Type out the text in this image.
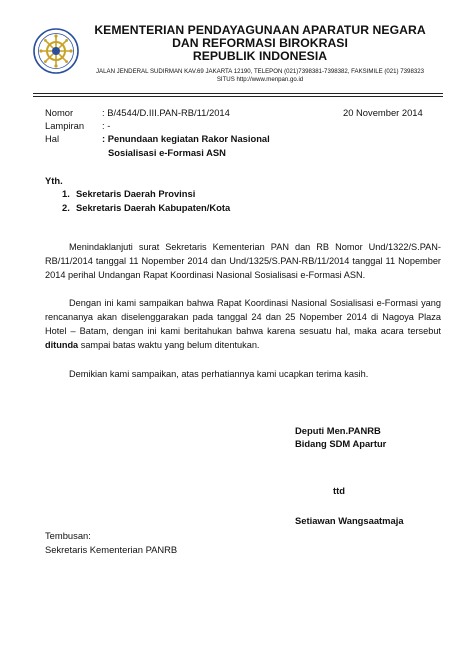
KEMENTERIAN PENDAYAGUNAAN APARATUR NEGARA
DAN REFORMASI BIROKRASI
REPUBLIK INDONESIA
JALAN JENDERAL SUDIRMAN KAV.69 JAKARTA 12190, TELEPON (021)7398381-7398382, FAKSIMILE (021) 7398323
SITUS http://www.menpan.go.id
Nomor	: B/4544/D.III.PAN-RB/11/2014	20 November 2014
Lampiran : -
Hal	: Penundaan kegiatan Rakor Nasional
Sosialisasi e-Formasi ASN
Yth.
1. Sekretaris Daerah Provinsi
2. Sekretaris Daerah Kabupaten/Kota
Menindaklanjuti surat Sekretaris Kementerian PAN dan RB Nomor Und/1322/S.PAN-RB/11/2014 tanggal 11 Nopember 2014 dan Und/1325/S.PAN-RB/11/2014 tanggal 11 Nopember 2014 perihal Undangan Rapat Koordinasi Nasional Sosialisasi e-Formasi ASN.
Dengan ini kami sampaikan bahwa Rapat Koordinasi Nasional Sosialisasi e-Formasi yang rencananya akan diselenggarakan pada tanggal 24 dan 25 Nopember 2014 di Nagoya Plaza Hotel – Batam, dengan ini kami beritahukan bahwa karena sesuatu hal, maka acara tersebut ditunda sampai batas waktu yang belum ditentukan.
Demikian kami sampaikan, atas perhatiannya kami ucapkan terima kasih.
Deputi Men.PANRB
Bidang SDM Apartur
ttd
Setiawan Wangsaatmaja
Tembusan:
Sekretaris Kementerian PANRB
